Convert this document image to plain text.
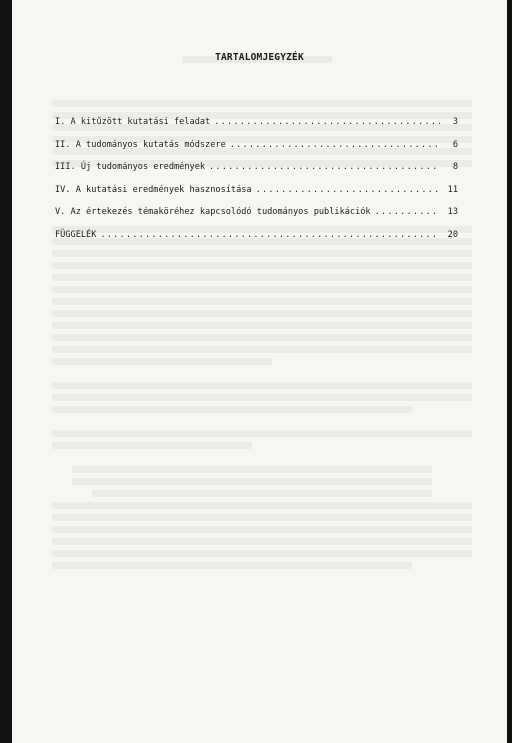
TARTALOMJEGYZÉK
I. A kitűzött kutatási feladat .....	3
II. A tudományos kutatás módszere .....	6
III. Új tudományos eredmények .....	8
IV. A kutatási eredmények hasznosítása .....	11
V. Az értekezés témaköréhez kapcsolódó tudományos publikációk .....	13
FÜGGELÉK .....	20
